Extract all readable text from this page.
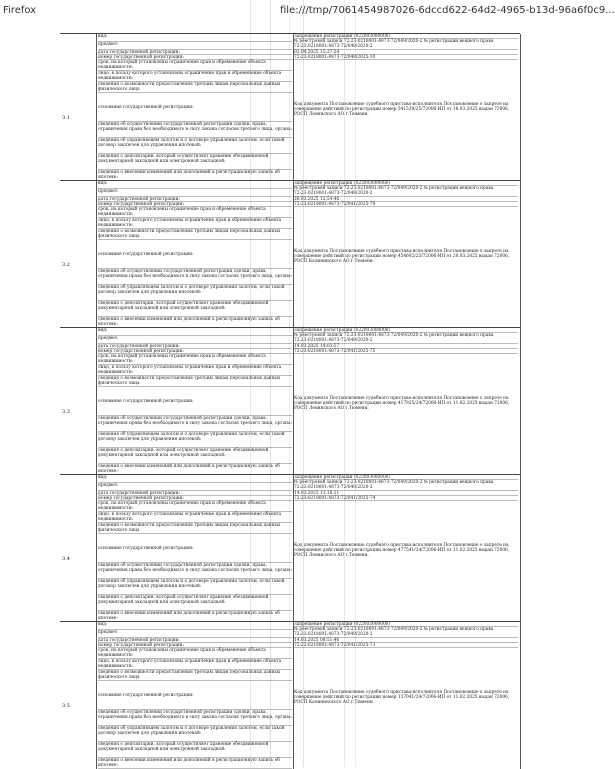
Firefox	file:///tmp/7061454987026-6dccd622-64d2-4965-b13d-96a6f0c9...
3.1
вид:
предмет:
дата государственной регистрации:
номер государственной регистрации:
срок, на который установлены ограничение прав и обременение объекта недвижимости:
лицо, в пользу которого установлены ограничение прав и обременение объекта недвижимости:
сведения о возможности предоставления третьим лицам персональных данных физического лица
основание государственной регистрации:
сведения об осуществлении государственной регистрации сделки, права, ограничения права без необходимого в силу закона согласия третьего лица, органа:
сведения об управляющем залогом и о договоре управления залогом, если такой договор заключен для управления ипотекой:
сведения о депозитарии, который осуществляет хранение обездвиженной документарной закладной или электронной закладной:
сведения о внесении изменений или дополнений в регистрационную запись об ипотеке:
Запрещение регистрации (022003000000)
№ реестровой записи 72:23:0218001:4873-72/049/2020-2 № регистрации вещного права 72:23:0218001:4873-72/049/2020-2
02.04.2025 15:27:54
72:23:0218001:4873-72/049/2025-10
Код документа Постановление судебного пристава-исполнителя Постановление о запрете на совершение действий по регистрации номер 541539/25/72006-ИП от 18.03.2025 выдан 72006, РОСП Ленинского АО г.Тюмени.
3.2
вид:
предмет:
дата государственной регистрации:
номер государственной регистрации:
срок, на который установлены ограничение прав и обременение объекта недвижимости:
лицо, в пользу которого установлены ограничение прав и обременение объекта недвижимости:
сведения о возможности предоставления третьим лицам персональных данных физического лица
основание государственной регистрации:
сведения об осуществлении государственной регистрации сделки, права, ограничения права без необходимого в силу закона согласия третьего лица, органа:
сведения об управляющем залогом и о договоре управления залогом, если такой договор заключен для управления ипотекой:
сведения о депозитарии, который осуществляет хранение обездвиженной документарной закладной или электронной закладной:
сведения о внесении изменений или дополнений в регистрационную запись об ипотеке:
Запрещение регистрации (022003000000)
№ реестровой записи 72:23:0218001:4873-72/049/2020-2 № регистрации вещного права 72:23:0218001:4873-72/049/2020-2
26.03.2025 12:54:46
72:23:0218001:4873-72/041/2025-79
Код документа Постановление судебного пристава-исполнителя Постановление о запрете на совершение действий по регистрации номер 454602/25/72006-ИП от 20.03.2025 выдан 72006, РОСП Калининского АО г.Тюмени.
3.3
вид:
предмет:
дата государственной регистрации:
номер государственной регистрации:
срок, на который установлены ограничение прав и обременение объекта недвижимости:
лицо, в пользу которого установлены ограничение прав и обременение объекта недвижимости:
сведения о возможности предоставления третьим лицам персональных данных физического лица
основание государственной регистрации:
сведения об осуществлении государственной регистрации сделки, права, ограничения права без необходимого в силу закона согласия третьего лица, органа:
сведения об управляющем залогом и о договоре управления залогом, если такой договор заключен для управления ипотекой:
сведения о депозитарии, который осуществляет хранение обездвиженной документарной закладной или электронной закладной:
сведения о внесении изменений или дополнений в регистрационную запись об ипотеке:
Запрещение регистрации (022003000000)
№ реестровой записи 72:23:0218001:4873-72/049/2020-2 № регистрации вещного права 72:23:0218001:4873-72/049/2020-2
14.03.2025 14:03:57
72:23:0218001:4873-72/041/2025-75
Код документа Постановление судебного пристава-исполнителя Постановление о запрете на совершение действий по регистрации номер 417925/24/72006-ИП от 11.02.2025 выдан 72006, РОСП Ленинского АО г.Тюмени.
3.4
вид:
предмет:
дата государственной регистрации:
номер государственной регистрации:
срок, на который установлены ограничение прав и обременение объекта недвижимости:
лицо, в пользу которого установлены ограничение прав и обременение объекта недвижимости:
сведения о возможности предоставления третьим лицам персональных данных физического лица
основание государственной регистрации:
сведения об осуществлении государственной регистрации сделки, права, ограничения права без необходимого в силу закона согласия третьего лица, органа:
сведения об управляющем залогом и о договоре управления залогом, если такой договор заключен для управления ипотекой:
сведения о депозитарии, который осуществляет хранение обездвиженной документарной закладной или электронной закладной:
сведения о внесении изменений или дополнений в регистрационную запись об ипотеке:
Запрещение регистрации (022003000000)
№ реестровой записи 72:23:0218001:4873-72/049/2020-2 № регистрации вещного права 72:23:0218001:4873-72/049/2020-2
14.03.2025 13:18:11
72:23:0218001:4873-72/041/2025-74
Код документа Постановление судебного пристава-исполнителя Постановление о запрете на совершение действий по регистрации номер 477541/24/72006-ИП от 11.02.2025 выдан 72006, РОСП Ленинского АО г.Тюмени.
3.5
вид:
предмет:
дата государственной регистрации:
номер государственной регистрации:
срок, на который установлены ограничение прав и обременение объекта недвижимости:
лицо, в пользу которого установлены ограничение прав и обременение объекта недвижимости:
сведения о возможности предоставления третьим лицам персональных данных физического лица
основание государственной регистрации:
сведения об осуществлении государственной регистрации сделки, права, ограничения права без необходимого в силу закона согласия третьего лица, органа:
сведения об управляющем залогом и о договоре управления залогом, если такой договор заключен для управления ипотекой:
сведения о депозитарии, который осуществляет хранение обездвиженной документарной закладной или электронной закладной:
сведения о внесении изменений или дополнений в регистрационную запись об ипотеке:
Запрещение регистрации (022003000000)
№ реестровой записи 72:23:0218001:4873-72/049/2020-2 № регистрации вещного права 72:23:0218001:4873-72/049/2020-2
14.03.2025 08:51:46
72:23:0218001:4873-72/041/2025-73
Код документа Постановление судебного пристава-исполнителя Постановление о запрете на совершение действий по регистрации номер 127041/24/72006-ИП от 11.02.2025 выдан 72006, РОСП Калининского АО г.Тюмени.
